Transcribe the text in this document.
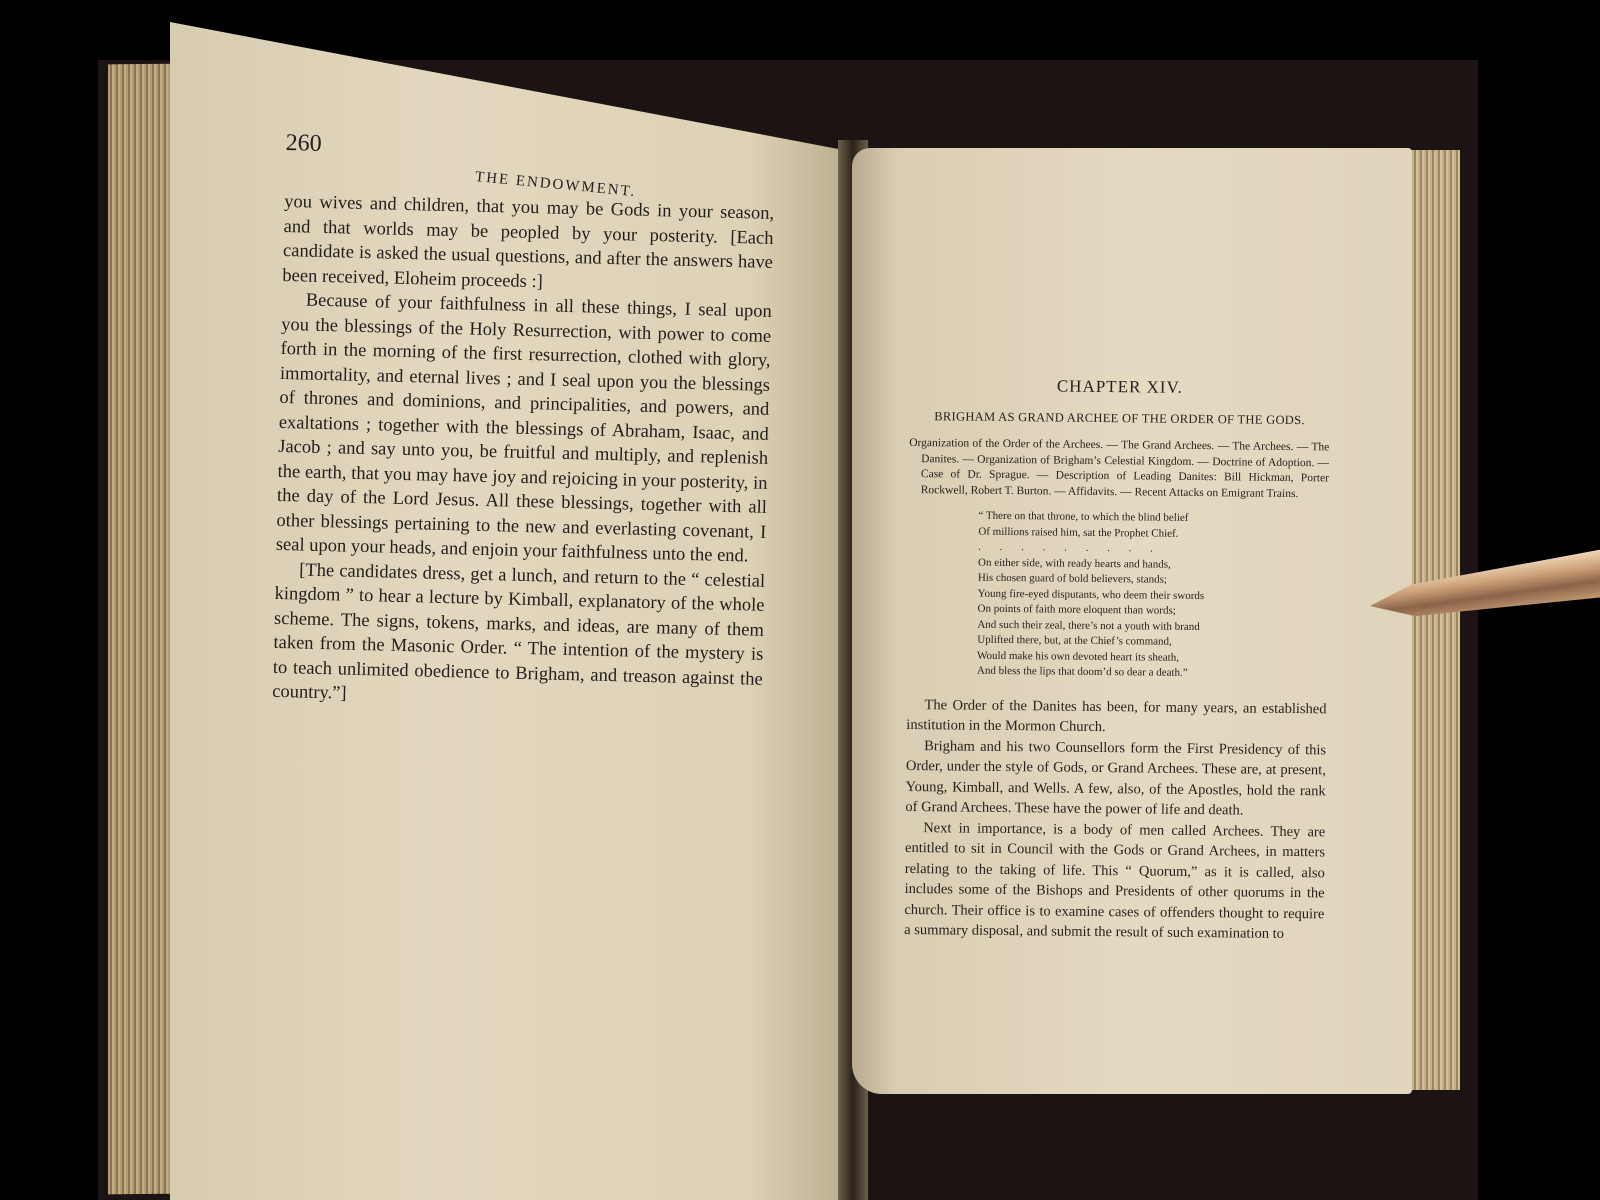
260
THE ENDOWMENT.

you wives and children, that you may be Gods in your season, and that worlds may be peopled by your posterity. [Each candidate is asked the usual questions, and after the answers have been received, Eloheim proceeds :]

Because of your faithfulness in all these things, I seal upon you the blessings of the Holy Resurrection, with power to come forth in the morning of the first resurrection, clothed with glory, immortality, and eternal lives ; and I seal upon you the blessings of thrones and dominions, and principalities, and powers, and exaltations ; together with the blessings of Abraham, Isaac, and Jacob ; and say unto you, be fruitful and multiply, and replenish the earth, that you may have joy and rejoicing in your posterity, in the day of the Lord Jesus. All these blessings, together with all other blessings pertaining to the new and everlasting covenant, I seal upon your heads, and enjoin your faithfulness unto the end.

[The candidates dress, get a lunch, and return to the “ celestial kingdom ” to hear a lecture by Kimball, explanatory of the whole scheme. The signs, tokens, marks, and ideas, are many of them taken from the Masonic Order. “ The intention of the mystery is to teach unlimited obedience to Brigham, and treason against the country.”]

CHAPTER XIV.
BRIGHAM AS GRAND ARCHEE OF THE ORDER OF THE GODS.
Organization of the Order of the Archees. — The Grand Archees. — The Archees. — The Danites. — Organization of Brigham’s Celestial Kingdom. — Doctrine of Adoption. — Case of Dr. Sprague. — Description of Leading Danites: Bill Hickman, Porter Rockwell, Robert T. Burton. — Affidavits. — Recent Attacks on Emigrant Trains.
“ There on that throne, to which the blind belief
Of millions raised him, sat the Prophet Chief.
. . . . . . . . .
On either side, with ready hearts and hands,
His chosen guard of bold believers, stands;
Young fire-eyed disputants, who deem their swords
On points of faith more eloquent than words;
And such their zeal, there’s not a youth with brand
Uplifted there, but, at the Chief’s command,
Would make his own devoted heart its sheath,
And bless the lips that doom’d so dear a death.”

The Order of the Danites has been, for many years, an established institution in the Mormon Church.

Brigham and his two Counsellors form the First Presidency of this Order, under the style of Gods, or Grand Archees. These are, at present, Young, Kimball, and Wells. A few, also, of the Apostles, hold the rank of Grand Archees. These have the power of life and death.

Next in importance, is a body of men called Archees. They are entitled to sit in Council with the Gods or Grand Archees, in matters relating to the taking of life. This “ Quorum,” as it is called, also includes some of the Bishops and Presidents of other quorums in the church. Their office is to examine cases of offenders thought to require a summary disposal, and submit the result of such examination to
